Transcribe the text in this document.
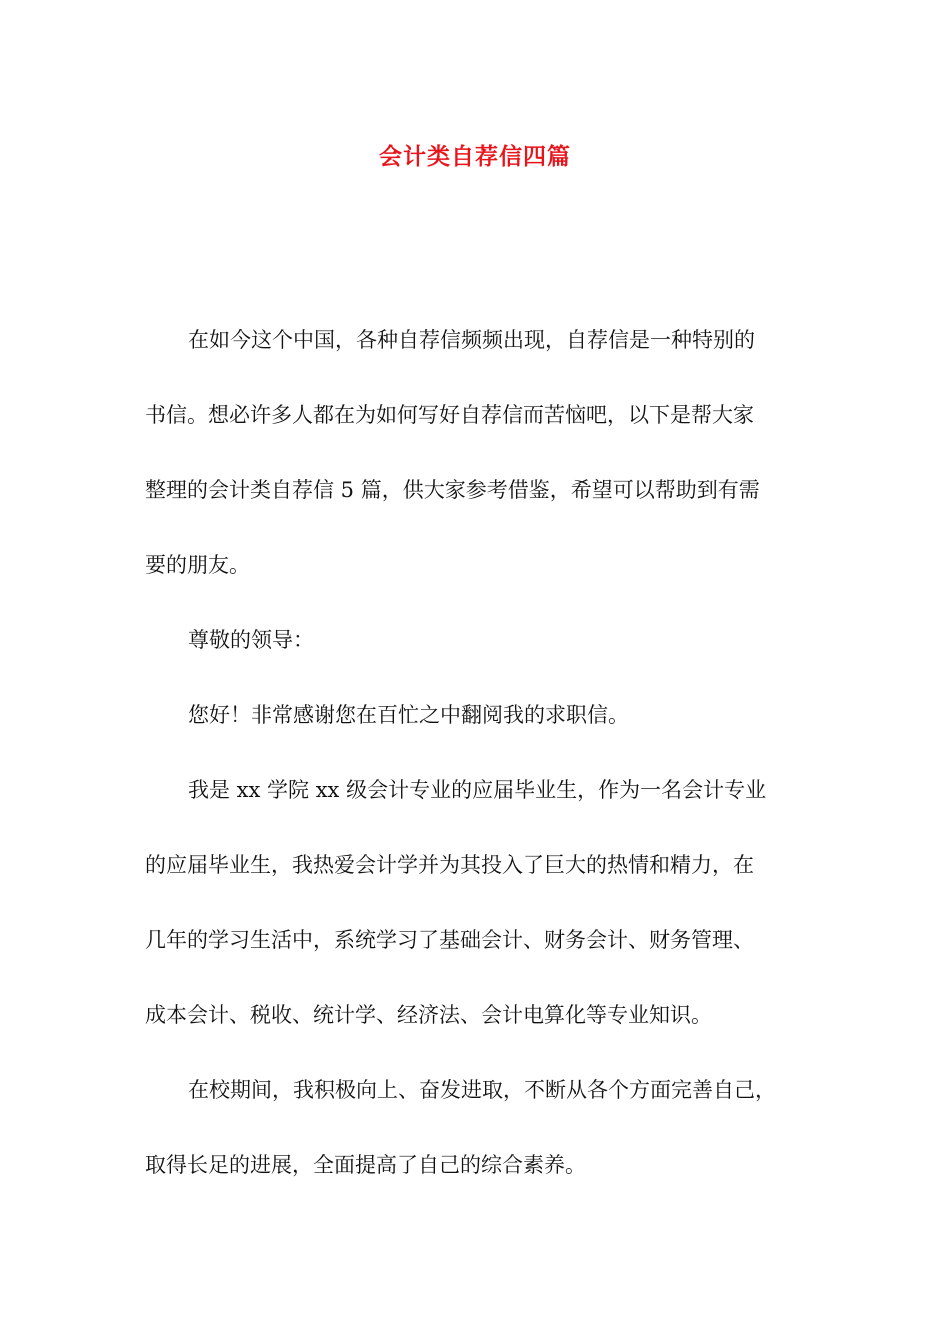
会计类自荐信四篇
在如今这个中国，各种自荐信频频出现，自荐信是一种特别的
书信。想必许多人都在为如何写好自荐信而苦恼吧，以下是帮大家
整理的会计类自荐信 5 篇，供大家参考借鉴，希望可以帮助到有需
要的朋友。
尊敬的领导：
您好！非常感谢您在百忙之中翻阅我的求职信。
我是 xx 学院 xx 级会计专业的应届毕业生，作为一名会计专业
的应届毕业生，我热爱会计学并为其投入了巨大的热情和精力，在
几年的学习生活中，系统学习了基础会计、财务会计、财务管理、
成本会计、税收、统计学、经济法、会计电算化等专业知识。
在校期间，我积极向上、奋发进取，不断从各个方面完善自己，
取得长足的进展，全面提高了自己的综合素养。
